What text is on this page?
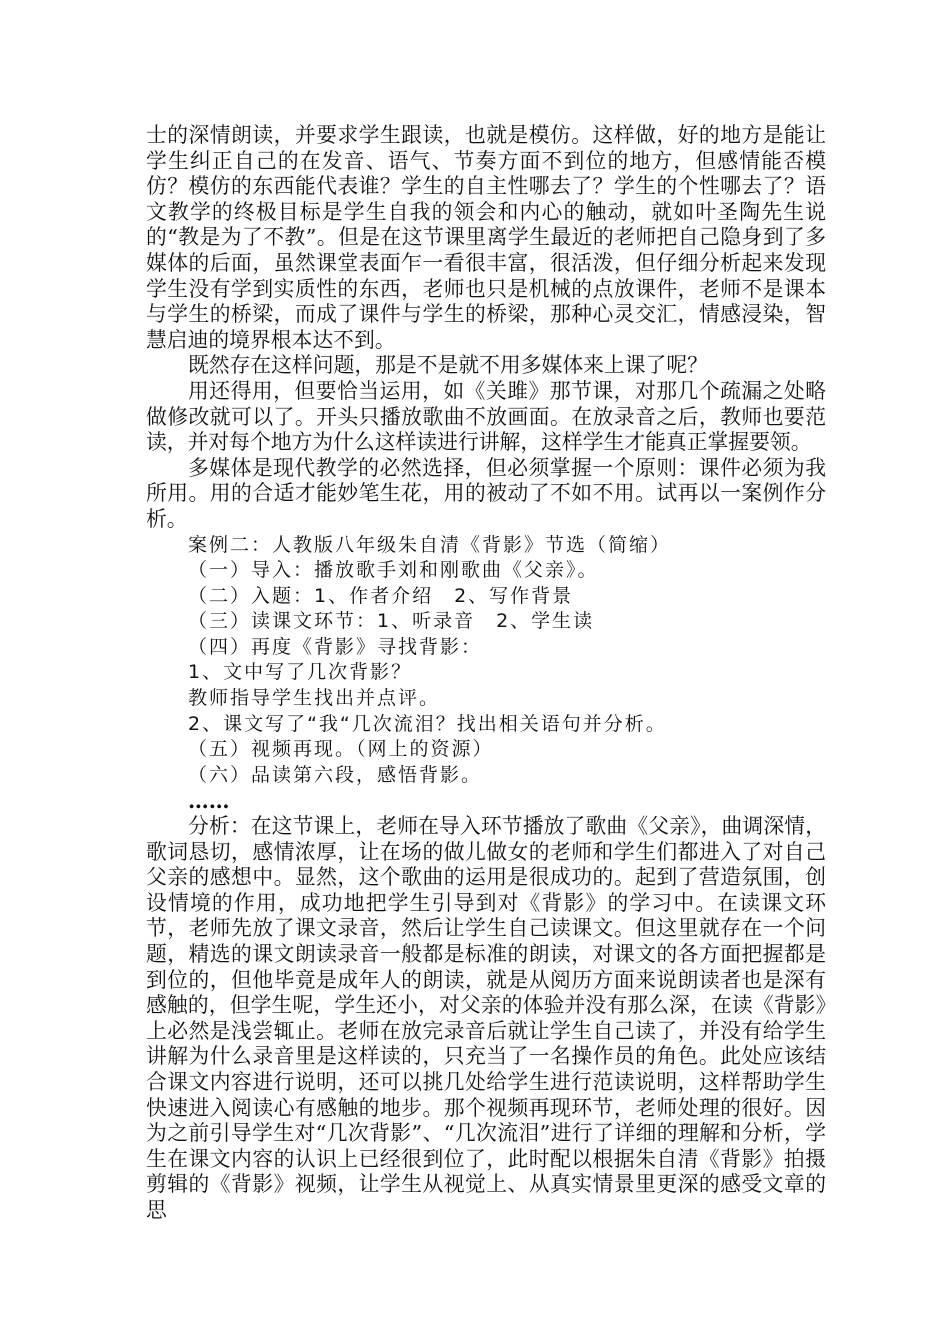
士的深情朗读，并要求学生跟读，也就是模仿。这样做，好的地方是能让学生纠正自己的在发音、语气、节奏方面不到位的地方，但感情能否模仿？模仿的东西能代表谁？学生的自主性哪去了？学生的个性哪去了？语文教学的终极目标是学生自我的领会和内心的触动，就如叶圣陶先生说的“教是为了不教”。但是在这节课里离学生最近的老师把自己隐身到了多媒体的后面，虽然课堂表面乍一看很丰富，很活泼，但仔细分析起来发现学生没有学到实质性的东西，老师也只是机械的点放课件，老师不是课本与学生的桥梁，而成了课件与学生的桥梁，那种心灵交汇，情感浸染，智慧启迪的境界根本达不到。

既然存在这样问题，那是不是就不用多媒体来上课了呢？

用还得用，但要恰当运用，如《关雎》那节课，对那几个疏漏之处略做修改就可以了。开头只播放歌曲不放画面。在放录音之后，教师也要范读，并对每个地方为什么这样读进行讲解，这样学生才能真正掌握要领。

多媒体是现代教学的必然选择，但必须掌握一个原则：课件必须为我所用。用的合适才能妙笔生花，用的被动了不如不用。试再以一案例作分析。

案例二：人教版八年级朱自清《背影》节选（简缩）

（一）导入：播放歌手刘和刚歌曲《父亲》。

（二）入题：1、作者介绍　2、写作背景

（三）读课文环节：1、听录音　2、学生读

（四）再度《背影》寻找背影：

1、文中写了几次背影？

教师指导学生找出并点评。

2、课文写了“我“几次流泪？找出相关语句并分析。

（五）视频再现。（网上的资源）

（六）品读第六段，感悟背影。

……

分析：在这节课上，老师在导入环节播放了歌曲《父亲》，曲调深情，歌词恳切，感情浓厚，让在场的做儿做女的老师和学生们都进入了对自己父亲的感想中。显然，这个歌曲的运用是很成功的。起到了营造氛围，创设情境的作用，成功地把学生引导到对《背影》的学习中。在读课文环节，老师先放了课文录音，然后让学生自己读课文。但这里就存在一个问题，精选的课文朗读录音一般都是标准的朗读，对课文的各方面把握都是到位的，但他毕竟是成年人的朗读，就是从阅历方面来说朗读者也是深有感触的，但学生呢，学生还小，对父亲的体验并没有那么深，在读《背影》上必然是浅尝辄止。老师在放完录音后就让学生自己读了，并没有给学生讲解为什么录音里是这样读的，只充当了一名操作员的角色。此处应该结合课文内容进行说明，还可以挑几处给学生进行范读说明，这样帮助学生快速进入阅读心有感触的地步。那个视频再现环节，老师处理的很好。因为之前引导学生对“几次背影”、“几次流泪”进行了详细的理解和分析，学生在课文内容的认识上已经很到位了，此时配以根据朱自清《背影》拍摄剪辑的《背影》视频，让学生从视觉上、从真实情景里更深的感受文章的思
